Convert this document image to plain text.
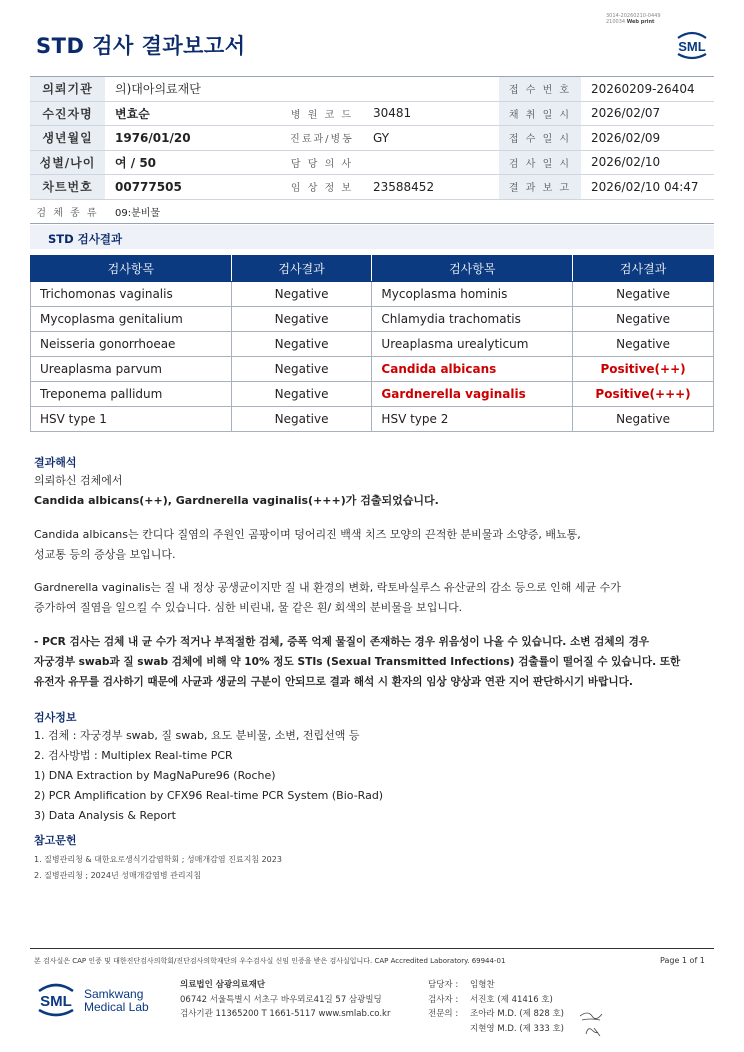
STD 검사 결과보고서
3014-20260210-0449
210034 Web print
SML
의뢰기관	의)대아의료재단			접 수 번 호	20260209-26404
수진자명	변효순	병 원 코 드	30481	채 취 일 시	2026/02/07
생년월일	1976/01/20	진료과/병동	GY	접 수 일 시	2026/02/09
성별/나이	여 / 50	담 당 의 사		검 사 일 시	2026/02/10
차트번호	00777505	임 상 정 보	23588452	결 과 보 고	2026/02/10 04:47
검 체 종 류	09:분비물				
STD 검사결과
검사항목	검사결과	검사항목	검사결과
Trichomonas vaginalis	Negative	Mycoplasma hominis	Negative
Mycoplasma genitalium	Negative	Chlamydia trachomatis	Negative
Neisseria gonorrhoeae	Negative	Ureaplasma urealyticum	Negative
Ureaplasma parvum	Negative	Candida albicans	Positive(++)
Treponema pallidum	Negative	Gardnerella vaginalis	Positive(+++)
HSV type 1	Negative	HSV type 2	Negative
결과해석
의뢰하신 검체에서
Candida albicans(++), Gardnerella vaginalis(+++)가 검출되었습니다.
Candida albicans는 칸디다 질염의 주원인 곰팡이며 덩어리진 백색 치즈 모양의 끈적한 분비물과 소양증, 배뇨통,
성교통 등의 증상을 보입니다.
Gardnerella vaginalis는 질 내 정상 공생균이지만 질 내 환경의 변화, 락토바실루스 유산균의 감소 등으로 인해 세균 수가
증가하여 질염을 일으킬 수 있습니다. 심한 비린내, 물 같은 흰/ 회색의 분비물을 보입니다.
- PCR 검사는 검체 내 균 수가 적거나 부적절한 검체, 증폭 억제 물질이 존재하는 경우 위음성이 나올 수 있습니다. 소변 검체의 경우
자궁경부 swab과 질 swab 검체에 비해 약 10% 정도 STIs (Sexual Transmitted Infections) 검출률이 떨어질 수 있습니다. 또한
유전자 유무를 검사하기 때문에 사균과 생균의 구분이 안되므로 결과 해석 시 환자의 임상 양상과 연관 지어 판단하시기 바랍니다.
검사정보
1. 검체 : 자궁경부 swab, 질 swab, 요도 분비물, 소변, 전립선액 등
2. 검사방법 : Multiplex Real-time PCR
1) DNA Extraction by MagNaPure96 (Roche)
2) PCR Amplification by CFX96 Real-time PCR System (Bio-Rad)
3) Data Analysis & Report
참고문헌
1. 질병관리청 & 대한요로생식기감염학회 ; 성매개감염 진료지침 2023
2. 질병관리청 ; 2024년 성매개감염병 관리지침
본 검사실은 CAP 인증 및 대한진단검사의학회/진단검사의학재단의 우수검사실 신임 인증을 받은 검사실입니다. CAP Accredited Laboratory. 69944-01	Page 1 of 1
SML Samkwang
Medical Lab
의료법인 삼광의료재단
06742 서울특별시 서초구 바우뫼로41길 57 삼광빌딩
검사기관 11365200 T 1661-5117 www.smlab.co.kr
담당자 : 임형찬
검사자 : 서진호 (제 41416 호)
전문의 : 조아라 M.D. (제 828 호)
지현영 M.D. (제 333 호)
